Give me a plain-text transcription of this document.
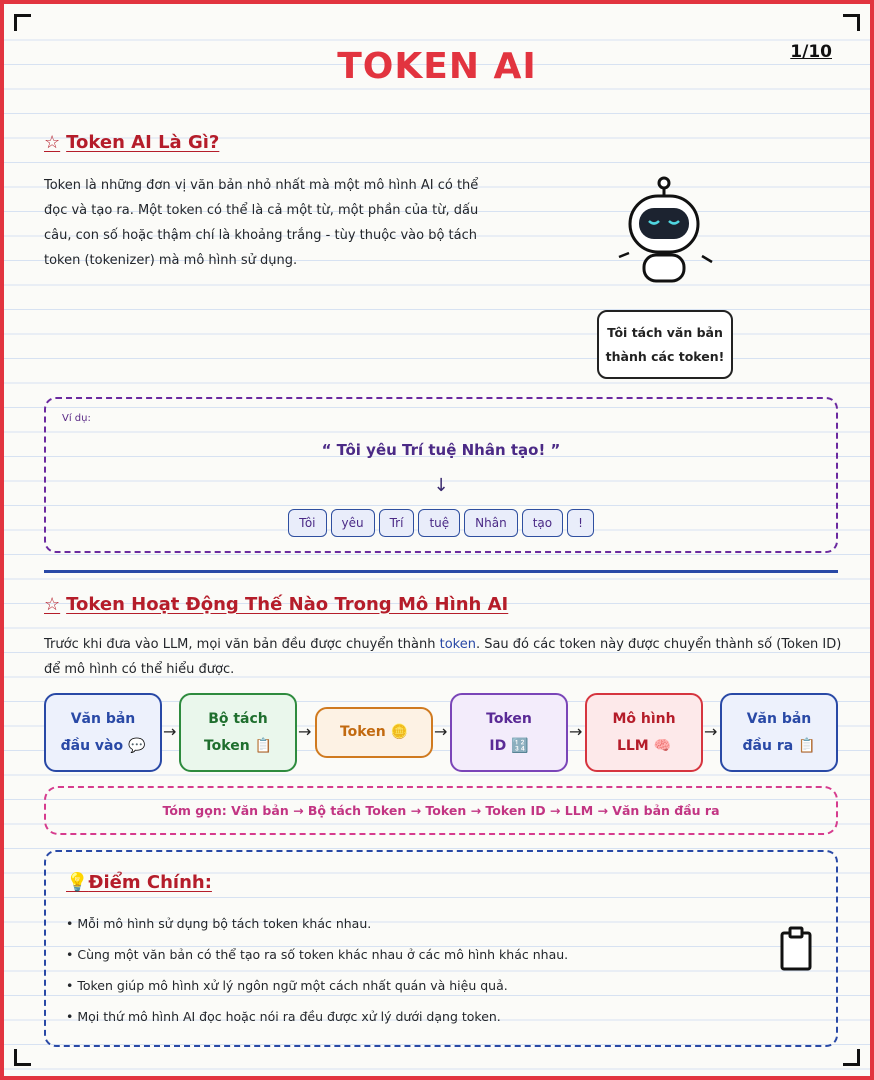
1/10
TOKEN AI
☆ Token AI Là Gì?
Token là những đơn vị văn bản nhỏ nhất mà một mô hình AI có thể đọc và tạo ra. Một token có thể là cả một từ, một phần của từ, dấu câu, con số hoặc thậm chí là khoảng trắng - tùy thuộc vào bộ tách token (tokenizer) mà mô hình sử dụng.
Tôi tách văn bản thành các token!
Ví dụ:
“ Tôi yêu Trí tuệ Nhân tạo! ”
↓
Tôi yêu Trí tuệ Nhân tạo !
☆ Token Hoạt Động Thế Nào Trong Mô Hình AI
Trước khi đưa vào LLM, mọi văn bản đều được chuyển thành token. Sau đó các token này được chuyển thành số (Token ID) để mô hình có thể hiểu được.
Văn bản
đầu vào 💬
→
Bộ tách
Token 📋
→ Token 🪙 →
Token
ID 🔢
→
Mô hình
LLM 🧠
→
Văn bản
đầu ra 📋
Tóm gọn: Văn bản → Bộ tách Token → Token → Token ID → LLM → Văn bản đầu ra
💡Điểm Chính:
• Mỗi mô hình sử dụng bộ tách token khác nhau.
• Cùng một văn bản có thể tạo ra số token khác nhau ở các mô hình khác nhau.
• Token giúp mô hình xử lý ngôn ngữ một cách nhất quán và hiệu quả.
• Mọi thứ mô hình AI đọc hoặc nói ra đều được xử lý dưới dạng token.
